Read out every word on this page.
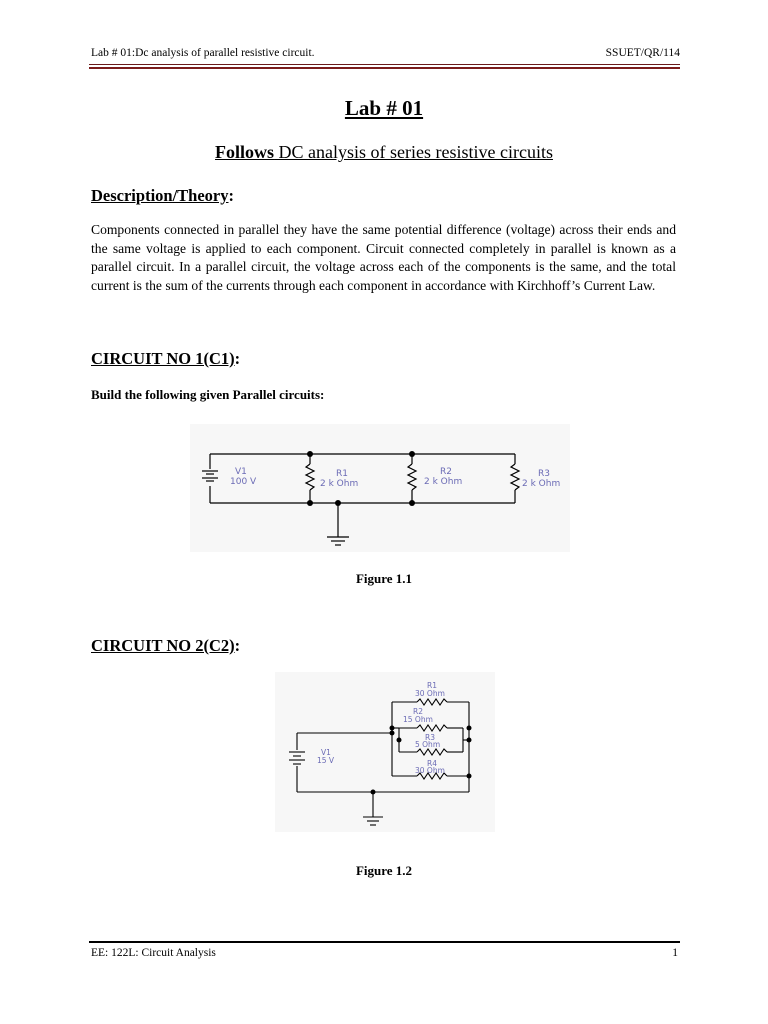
Lab # 01:Dc analysis of parallel resistive circuit.	SSUET/QR/114
Lab # 01
Follows DC analysis of series resistive circuits
Description/Theory:
Components connected in parallel they have the same potential difference (voltage) across their ends and the same voltage is applied to each component. Circuit connected completely in parallel is known as a parallel circuit. In a parallel circuit, the voltage across each of the components is the same, and the total current is the sum of the currents through each component in accordance with Kirchhoff’s Current Law.
CIRCUIT NO 1(C1):
Build the following given Parallel circuits:
V1
100 V
R1
2 k Ohm
R2
2 k Ohm
R3
2 k Ohm
Figure 1.1
CIRCUIT NO 2(C2):
V1
15 V
R1
30 Ohm
R2
15 Ohm
R3
5 Ohm
R4
30 Ohm
Figure 1.2
EE: 122L: Circuit Analysis	1
